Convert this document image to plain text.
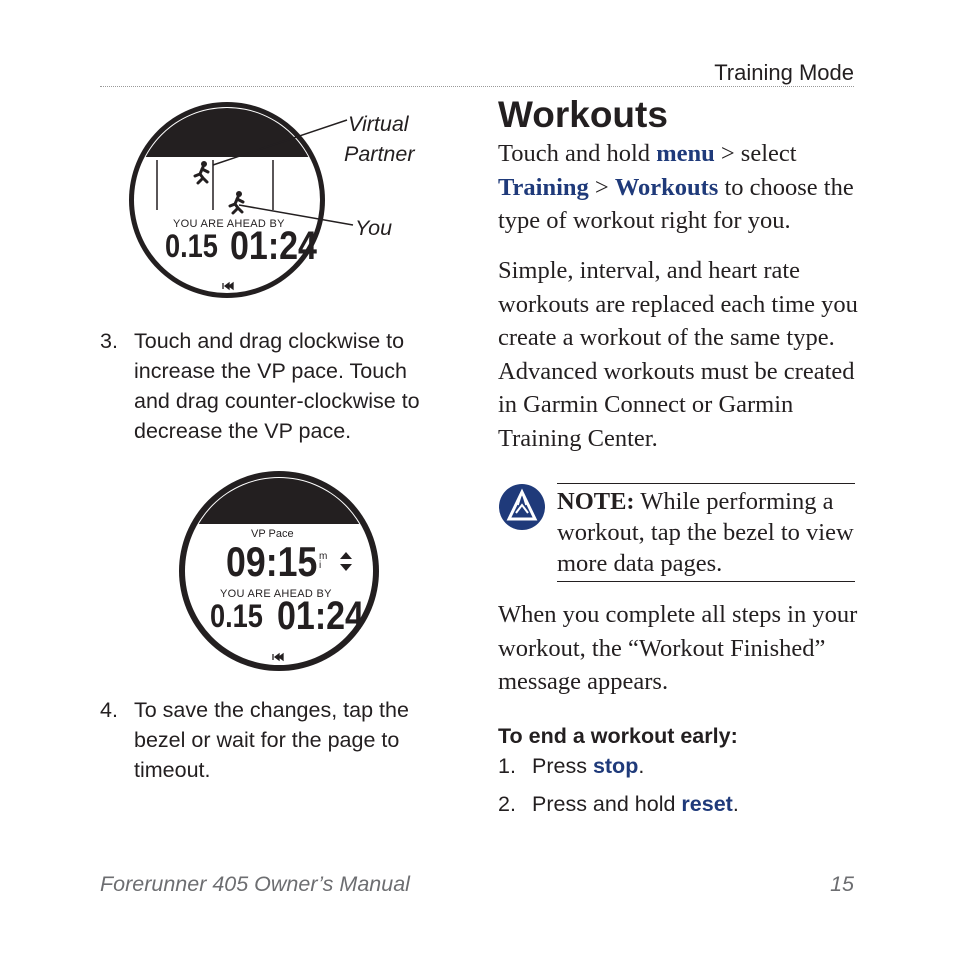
Training Mode
YOU ARE AHEAD BY
0.15 01:24
Virtual
Partner
You
3. Touch and drag clockwise to increase the VP pace. Touch and drag counter-clockwise to decrease the VP pace.
VP Pace
09:15 mi
YOU ARE AHEAD BY
0.15 01:24
4. To save the changes, tap the bezel or wait for the page to timeout.
Workouts

Touch and hold menu > select Training > Workouts to choose the type of workout right for you.

Simple, interval, and heart rate workouts are replaced each time you create a workout of the same type. Advanced workouts must be created in Garmin Connect or Garmin Training Center.

NOTE: While performing a workout, tap the bezel to view more data pages.

When you complete all steps in your workout, the “Workout Finished” message appears.

To end a workout early:
1. Press stop.
2. Press and hold reset.
Forerunner 405 Owner’s Manual	15
